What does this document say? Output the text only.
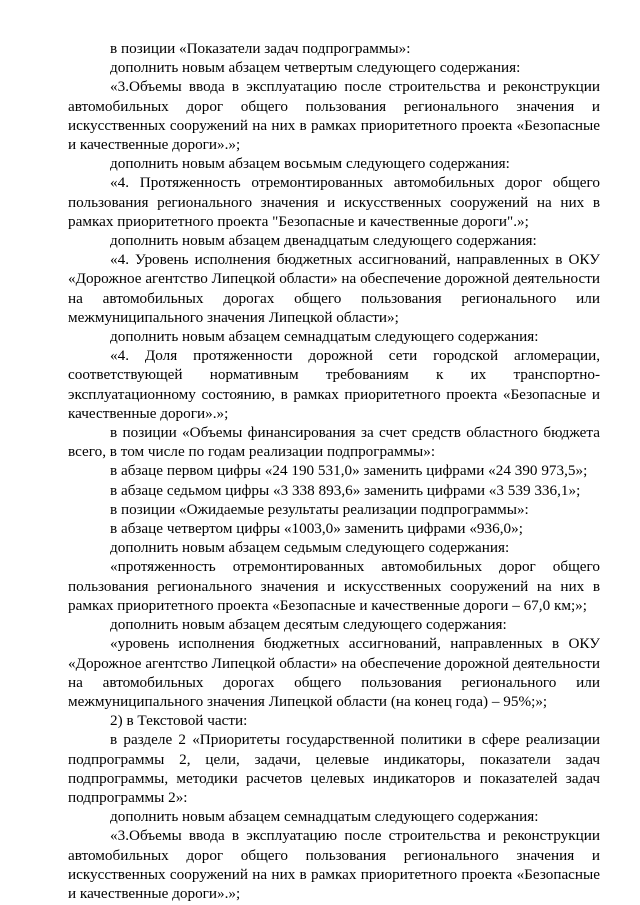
в позиции «Показатели задач подпрограммы»:

дополнить новым абзацем четвертым следующего содержания:

«3.Объемы ввода в эксплуатацию после строительства и реконструкции автомобильных дорог общего пользования регионального значения и искусственных сооружений на них в рамках приоритетного проекта «Безопасные и качественные дороги».»;

дополнить новым абзацем восьмым следующего содержания:

«4. Протяженность отремонтированных автомобильных дорог общего пользования регионального значения и искусственных сооружений на них в рамках приоритетного проекта "Безопасные и качественные дороги".»;

дополнить новым абзацем двенадцатым следующего содержания:

«4. Уровень исполнения бюджетных ассигнований, направленных в ОКУ «Дорожное агентство Липецкой области» на обеспечение дорожной деятельности на автомобильных дорогах общего пользования регионального или межмуниципального значения Липецкой области»;

дополнить новым абзацем семнадцатым следующего содержания:

«4. Доля протяженности дорожной сети городской агломерации, соответствующей нормативным требованиям к их транспортно-эксплуатационному состоянию, в рамках приоритетного проекта «Безопасные и качественные дороги».»;

в позиции «Объемы финансирования за счет средств областного бюджета всего, в том числе по годам реализации подпрограммы»:

в абзаце первом цифры «24 190 531,0» заменить цифрами «24 390 973,5»;

в абзаце седьмом цифры «3 338 893,6» заменить цифрами «3 539 336,1»;

в позиции «Ожидаемые результаты реализации подпрограммы»:

в абзаце четвертом цифры «1003,0» заменить цифрами «936,0»;

дополнить новым абзацем седьмым следующего содержания:

«протяженность отремонтированных автомобильных дорог общего пользования регионального значения и искусственных сооружений на них в рамках приоритетного проекта «Безопасные и качественные дороги – 67,0 км;»;

дополнить новым абзацем десятым следующего содержания:

«уровень исполнения бюджетных ассигнований, направленных в ОКУ «Дорожное агентство Липецкой области» на обеспечение дорожной деятельности на автомобильных дорогах общего пользования регионального или межмуниципального значения Липецкой области (на конец года) – 95%;»;

2) в Текстовой части:

в разделе 2 «Приоритеты государственной политики в сфере реализации подпрограммы 2, цели, задачи, целевые индикаторы, показатели задач подпрограммы, методики расчетов целевых индикаторов и показателей задач подпрограммы 2»:

дополнить новым абзацем семнадцатым следующего содержания:

«3.Объемы ввода в эксплуатацию после строительства и реконструкции автомобильных дорог общего пользования регионального значения и искусственных сооружений на них в рамках приоритетного проекта «Безопасные и качественные дороги».»;
